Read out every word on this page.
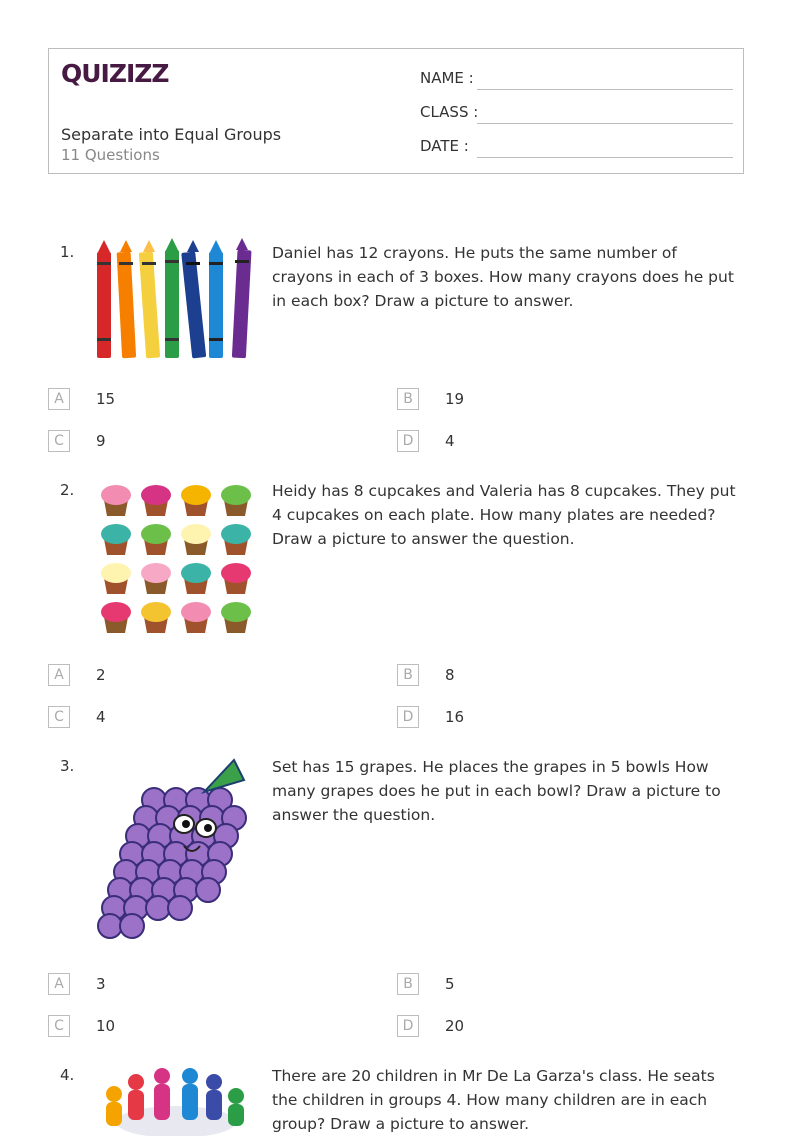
QUIZIZZ
Separate into Equal Groups
11 Questions
NAME :
CLASS :
DATE :
1.	Daniel has 12 crayons. He puts the same number of crayons in each of 3 boxes. How many crayons does he put in each box? Draw a picture to answer.
A	15	B	19
C	9	D	4
2.	Heidy has 8 cupcakes and Valeria has 8 cupcakes. They put 4 cupcakes on each plate. How many plates are needed? Draw a picture to answer the question.
A	2	B	8
C	4	D	16
3.	Set has 15 grapes. He places the grapes in 5 bowls How many grapes does he put in each bowl? Draw a picture to answer the question.
A	3	B	5
C	10	D	20
4.	There are 20 children in Mr De La Garza's class. He seats the children in groups 4. How many children are in each group? Draw a picture to answer.
